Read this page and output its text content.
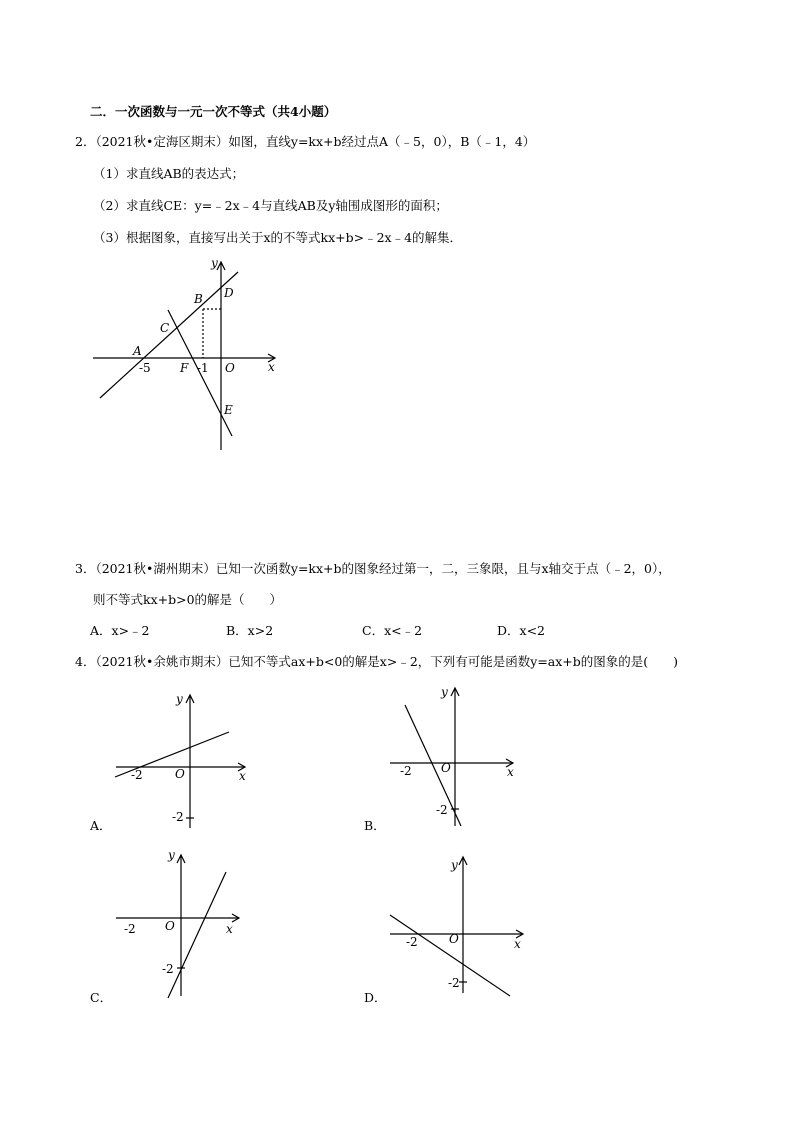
二．一次函数与一元一次不等式（共4小题）
2．（2021秋•定海区期末）如图，直线y=kx+b经过点A（﹣5，0），B（﹣1，4）
（1）求直线AB的表达式；
（2）求直线CE：y=﹣2x﹣4与直线AB及y轴围成图形的面积；
（3）根据图象，直接写出关于x的不等式kx+b>﹣2x﹣4的解集．
y
x
D
B
C
A
-5 F -1 O
E
3．（2021秋•湖州期末）已知一次函数y=kx+b的图象经过第一，二，三象限，且与x轴交于点（﹣2，0），
则不等式kx+b>0的解是（　　）
A．x>﹣2	B．x>2	C．x<﹣2	D．x<2
4．（2021秋•余姚市期末）已知不等式ax+b<0的解是x>﹣2，下列有可能是函数y=ax+b的图象的是(　　)
y
x
O
-2
-2
A．
y
x
O
-2
-2
B．
y
x
O
-2
-2
C．
y
x
O
-2
-2
D．
